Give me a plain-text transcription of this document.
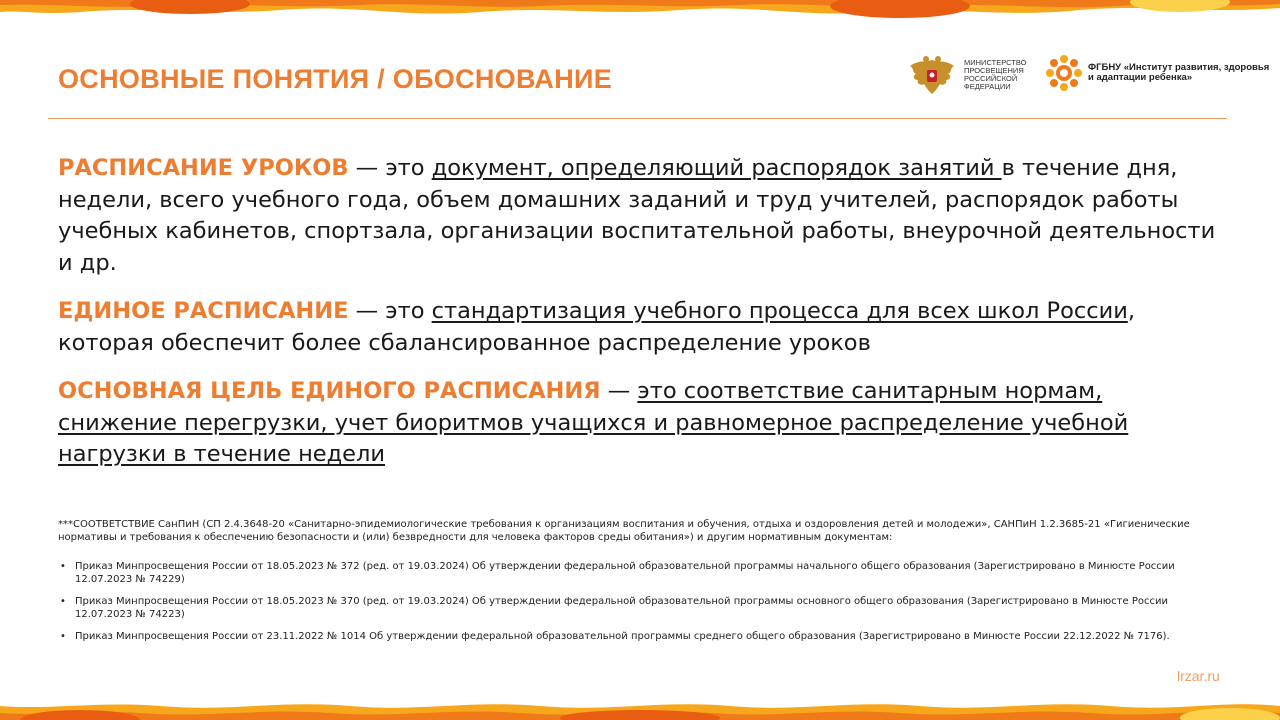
ОСНОВНЫЕ ПОНЯТИЯ / ОБОСНОВАНИЕ
МИНИСТЕРСТВО ПРОСВЕЩЕНИЯ РОССИЙСКОЙ ФЕДЕРАЦИИ
ФГБНУ «Институт развития, здоровья и адаптации ребенка»

РАСПИСАНИЕ УРОКОВ — это документ, определяющий распорядок занятий в течение дня, недели, всего учебного года, объем домашних заданий и труд учителей, распорядок работы учебных кабинетов, спортзала, организации воспитательной работы, внеурочной деятельности и др.

ЕДИНОЕ РАСПИСАНИЕ — это стандартизация учебного процесса для всех школ России, которая обеспечит более сбалансированное распределение уроков

ОСНОВНАЯ ЦЕЛЬ ЕДИНОГО РАСПИСАНИЯ — это соответствие санитарным нормам, снижение перегрузки, учет биоритмов учащихся и равномерное распределение учебной нагрузки в течение недели

***СООТВЕТСТВИЕ СанПиН (СП 2.4.3648-20 «Санитарно-эпидемиологические требования к организациям воспитания и обучения, отдыха и оздоровления детей и молодежи», САНПиН 1.2.3685-21 «Гигиенические нормативы и требования к обеспечению безопасности и (или) безвредности для человека факторов среды обитания») и другим нормативным документам:

• Приказ Минпросвещения России от 18.05.2023 № 372 (ред. от 19.03.2024) Об утверждении федеральной образовательной программы начального общего образования (Зарегистрировано в Минюсте России 12.07.2023 № 74229)
• Приказ Минпросвещения России от 18.05.2023 № 370 (ред. от 19.03.2024) Об утверждении федеральной образовательной программы основного общего образования (Зарегистрировано в Минюсте России 12.07.2023 № 74223)
• Приказ Минпросвещения России от 23.11.2022 № 1014 Об утверждении федеральной образовательной программы среднего общего образования (Зарегистрировано в Минюсте России 22.12.2022 № 7176).
lrzar.ru
